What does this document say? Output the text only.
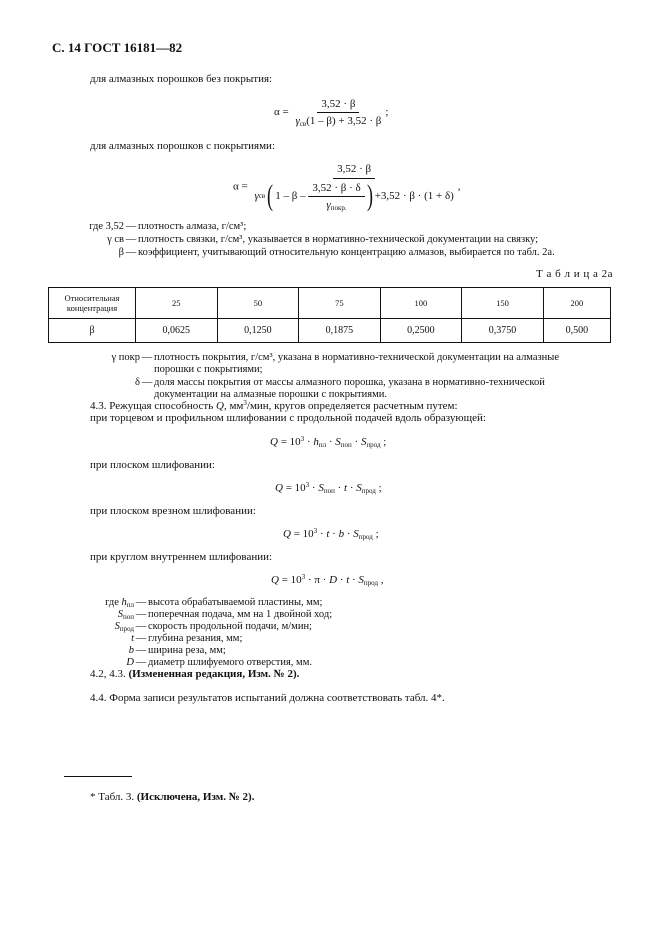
С. 14 ГОСТ 16181—82
для алмазных порошков без покрытия:
$\alpha = \frac{3,52 \cdot \beta}{\gamma_{св}(1 - \beta) + 3,52 \cdot \beta}$ ;
для алмазных порошков с покрытиями:
α =
3,52 · β
γ св ( 1 – β –
$\frac{3,52 \cdot \beta \cdot \delta}{\gamma_{покр.}}$ ) +3,52 · β · (1 + δ)
,
где 3,52 — плотность алмаза, г/см³;
γ св — плотность связки, г/см³, указывается в нормативно-технической документации на связку;
β — коэффициент, учитывающий относительную концентрацию алмазов, выбирается по табл. 2а.
Т а б л и ц а 2а
Относительная концентрация	25	50	75	100	150	200
β	0,0625	0,1250	0,1875	0,2500	0,3750	0,500
γ покр — плотность покрытия, г/см³, указана в нормативно-технической документации на алмазные
порошки с покрытиями;
δ — доля массы покрытия от массы алмазного порошка, указана в нормативно-технической
документации на алмазные порошки с покрытиями.
4.3. Режущая способность Q, $мм^3$/мин, кругов определяется расчетным путем:
при торцевом и профильном шлифовании с продольной подачей вдоль образующей:
$Q = 10^3 \cdot h_{пл} \cdot S_{поп} \cdot S_{прод}$ ;
при плоском шлифовании:
$Q = 10^3 \cdot S_{поп} \cdot t \cdot S_{прод}$ ;
при плоском врезном шлифовании:
$Q = 10^3 \cdot t \cdot b \cdot S_{прод}$ ;
при круглом внутреннем шлифовании:
$Q = 10^3 \cdot \pi \cdot D \cdot t \cdot S_{прод}$ ,
где $h_{пл}$ — высота обрабатываемой пластины, мм;
$S_{поп}$ — поперечная подача, мм на 1 двойной ход;
$S_{прод}$ — скорость продольной подачи, м/мин;
t — глубина резания, мм;
b — ширина реза, мм;
D — диаметр шлифуемого отверстия, мм.
4.2, 4.3. (Измененная редакция, Изм. № 2).
4.4. Форма записи результатов испытаний должна соответствовать табл. 4*.
* Табл. 3. (Исключена, Изм. № 2).
